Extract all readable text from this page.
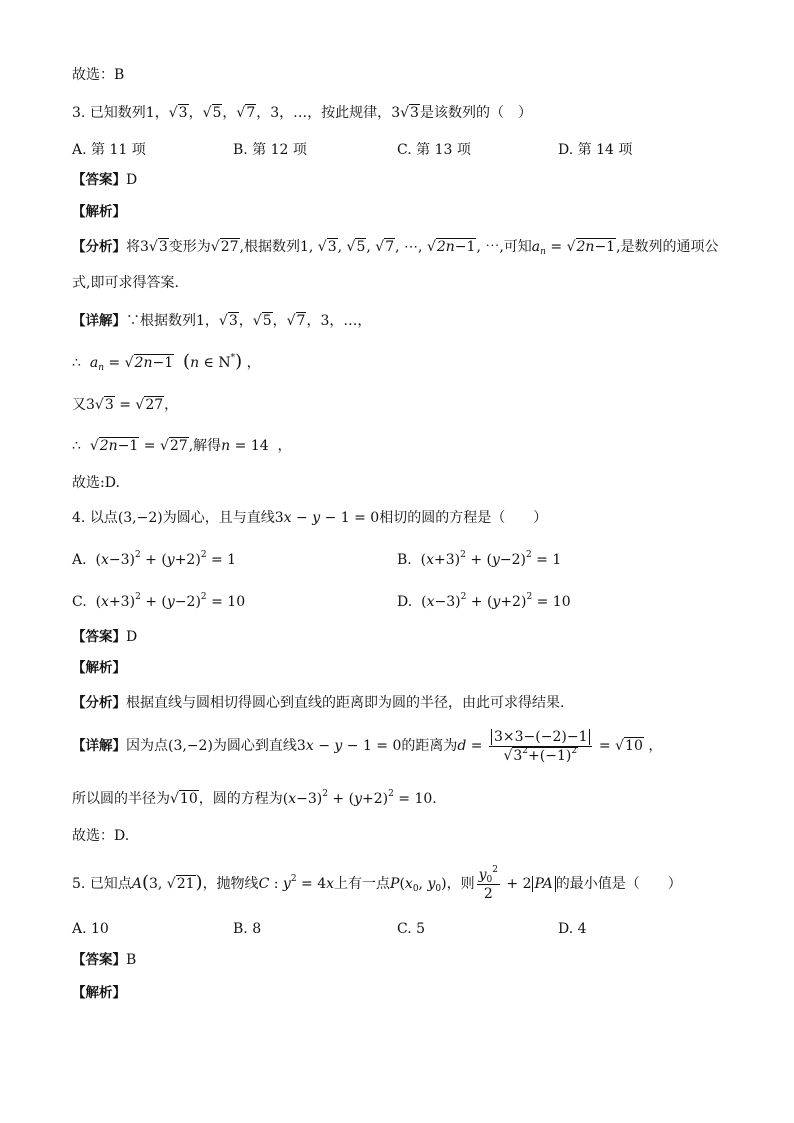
故选：B
3. 已知数列1，√3，√5，√7，3，…，按此规律，3√3是该数列的（　）
A. 第 11 项	B. 第 12 项	C. 第 13 项	D. 第 14 项
【答案】D
【解析】
【分析】将3√3变形为√27,根据数列1, √3, √5, √7, ⋯, √2n−1, ⋯,可知$a_n = √2n-1$,是数列的通项公
式,即可求得答案.
【详解】∵根据数列1，√3，√5，√7，3，…，
∴ $a_n = √2n-1$ (n ∈ N*) ，
又3√3 = √27，
∴ √2n−1 = √27,解得n = 14  ，
故选:D.
4. 以点(3,−2)为圆心，且与直线3x − y − 1 = 0相切的圆的方程是（　　）
A. $(x-3)^2 + (y+2)^2 = 1$	B. $(x+3)^2 + (y-2)^2 = 1$
C. $(x+3)^2 + (y-2)^2 = 10$	D. $(x-3)^2 + (y+2)^2 = 10$
【答案】D
【解析】
【分析】根据直线与圆相切得圆心到直线的距离即为圆的半径，由此可求得结果.
【详解】因为点(3,−2)为圆心到直线3x − y − 1 = 0的距离为$d = \frac{3\times 3-(-2)-1}{√3^2+(-1)^2} = √10$ ，
所以圆的半径为√10，圆的方程为$(x-3)^2 + (y+2)^2 = 10$.
故选：D.
5. 已知点A(3, √21)，抛物线C : $y^2 = 4x$上有一点$P(x_0$, $y_0$)，则 $\frac{y_0^2}{2} + 2$ PA 的最小值是（　　）
A. 10	B. 8	C. 5	D. 4
【答案】B
【解析】
